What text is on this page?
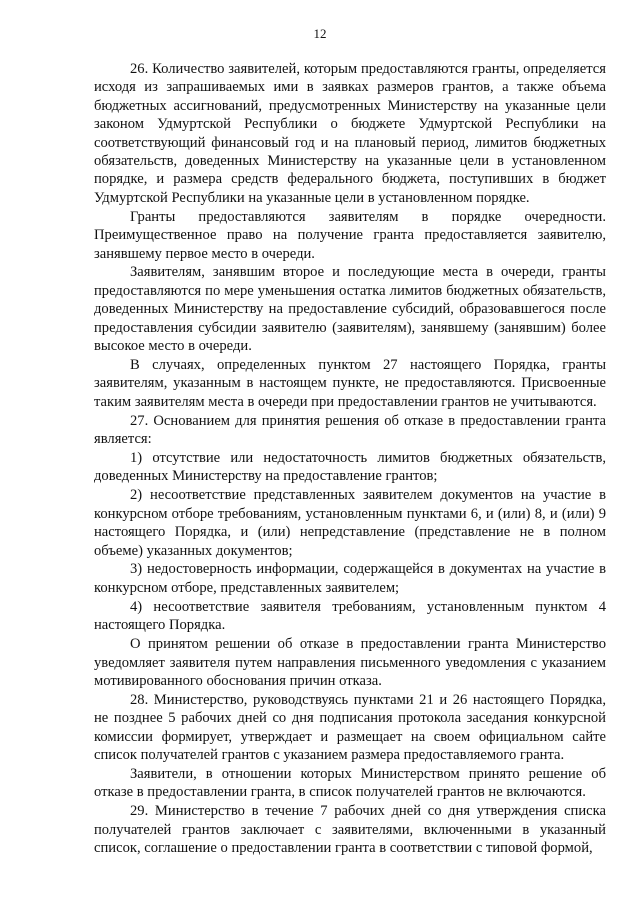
12

26. Количество заявителей, которым предоставляются гранты, определяется исходя из запрашиваемых ими в заявках размеров грантов, а также объема бюджетных ассигнований, предусмотренных Министерству на указанные цели законом Удмуртской Республики о бюджете Удмуртской Республики на соответствующий финансовый год и на плановый период, лимитов бюджетных обязательств, доведенных Министерству на указанные цели в установленном порядке, и размера средств федерального бюджета, поступивших в бюджет Удмуртской Республики на указанные цели в установленном порядке.

Гранты предоставляются заявителям в порядке очередности. Преимущественное право на получение гранта предоставляется заявителю, занявшему первое место в очереди.

Заявителям, занявшим второе и последующие места в очереди, гранты предоставляются по мере уменьшения остатка лимитов бюджетных обязательств, доведенных Министерству на предоставление субсидий, образовавшегося после предоставления субсидии заявителю (заявителям), занявшему (занявшим) более высокое место в очереди.

В случаях, определенных пунктом 27 настоящего Порядка, гранты заявителям, указанным в настоящем пункте, не предоставляются. Присвоенные таким заявителям места в очереди при предоставлении грантов не учитываются.

27. Основанием для принятия решения об отказе в предоставлении гранта является:

1) отсутствие или недостаточность лимитов бюджетных обязательств, доведенных Министерству на предоставление грантов;

2) несоответствие представленных заявителем документов на участие в конкурсном отборе требованиям, установленным пунктами 6, и (или) 8, и (или) 9 настоящего Порядка, и (или) непредставление (представление не в полном объеме) указанных документов;

3) недостоверность информации, содержащейся в документах на участие в конкурсном отборе, представленных заявителем;

4) несоответствие заявителя требованиям, установленным пунктом 4 настоящего Порядка.

О принятом решении об отказе в предоставлении гранта Министерство уведомляет заявителя путем направления письменного уведомления с указанием мотивированного обоснования причин отказа.

28. Министерство, руководствуясь пунктами 21 и 26 настоящего Порядка, не позднее 5 рабочих дней со дня подписания протокола заседания конкурсной комиссии формирует, утверждает и размещает на своем официальном сайте список получателей грантов с указанием размера предоставляемого гранта.

Заявители, в отношении которых Министерством принято решение об отказе в предоставлении гранта, в список получателей грантов не включаются.

29. Министерство в течение 7 рабочих дней со дня утверждения списка получателей грантов заключает с заявителями, включенными в указанный список, соглашение о предоставлении гранта в соответствии с типовой формой,
